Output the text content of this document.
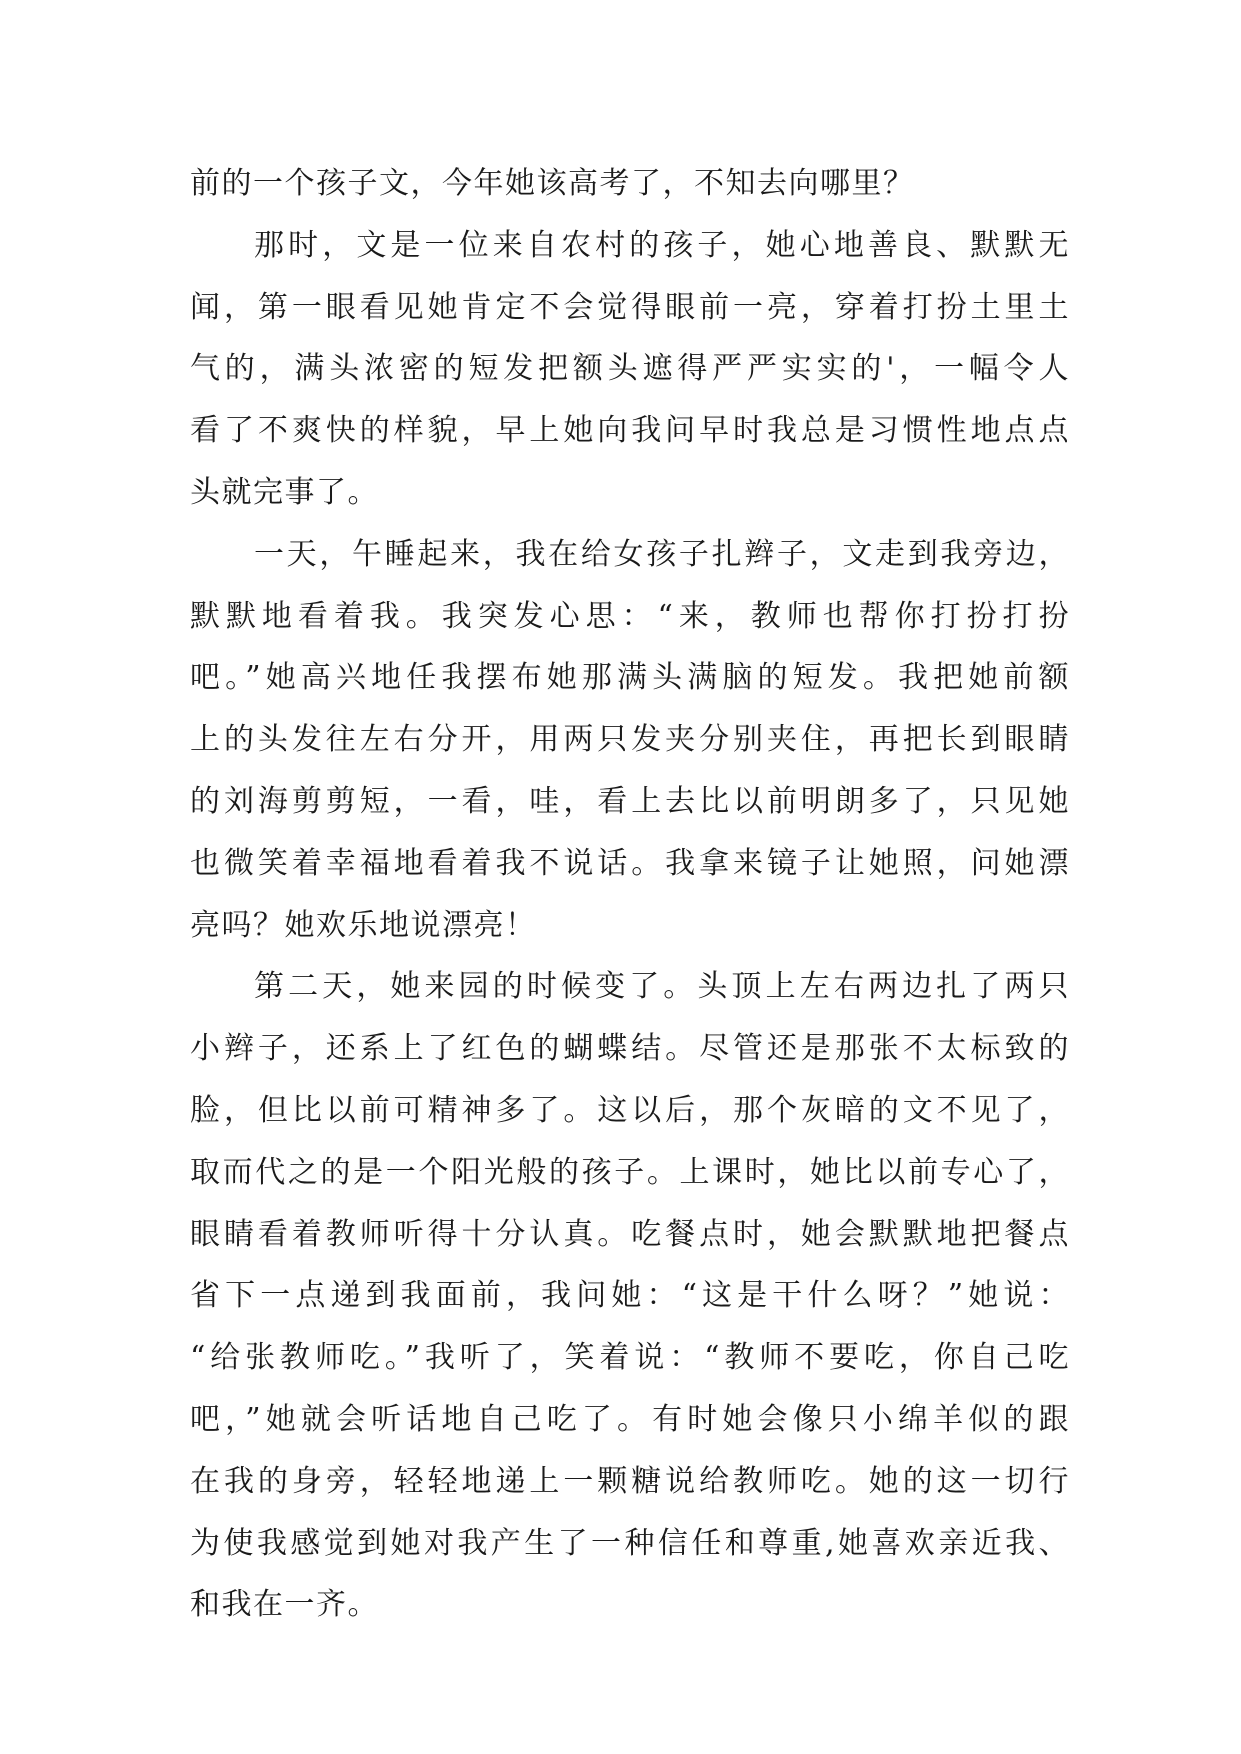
前的一个孩子文，今年她该高考了，不知去向哪里？
那时，文是一位来自农村的孩子，她心地善良、默默无
闻，第一眼看见她肯定不会觉得眼前一亮，穿着打扮土里土
气的，满头浓密的短发把额头遮得严严实实的'，一幅令人
看了不爽快的样貌，早上她向我问早时我总是习惯性地点点
头就完事了。
一天，午睡起来，我在给女孩子扎辫子，文走到我旁边，
默默地看着我。我突发心思：“来，教师也帮你打扮打扮
吧。”她高兴地任我摆布她那满头满脑的短发。我把她前额
上的头发往左右分开，用两只发夹分别夹住，再把长到眼睛
的刘海剪剪短，一看，哇，看上去比以前明朗多了，只见她
也微笑着幸福地看着我不说话。我拿来镜子让她照，问她漂
亮吗？她欢乐地说漂亮！
第二天，她来园的时候变了。头顶上左右两边扎了两只
小辫子，还系上了红色的蝴蝶结。尽管还是那张不太标致的
脸，但比以前可精神多了。这以后，那个灰暗的文不见了，
取而代之的是一个阳光般的孩子。上课时，她比以前专心了，
眼睛看着教师听得十分认真。吃餐点时，她会默默地把餐点
省下一点递到我面前，我问她：“这是干什么呀？”她说：
“给张教师吃。”我听了，笑着说：“教师不要吃，你自己吃
吧，”她就会听话地自己吃了。有时她会像只小绵羊似的跟
在我的身旁，轻轻地递上一颗糖说给教师吃。她的这一切行
为使我感觉到她对我产生了一种信任和尊重,她喜欢亲近我、
和我在一齐。
